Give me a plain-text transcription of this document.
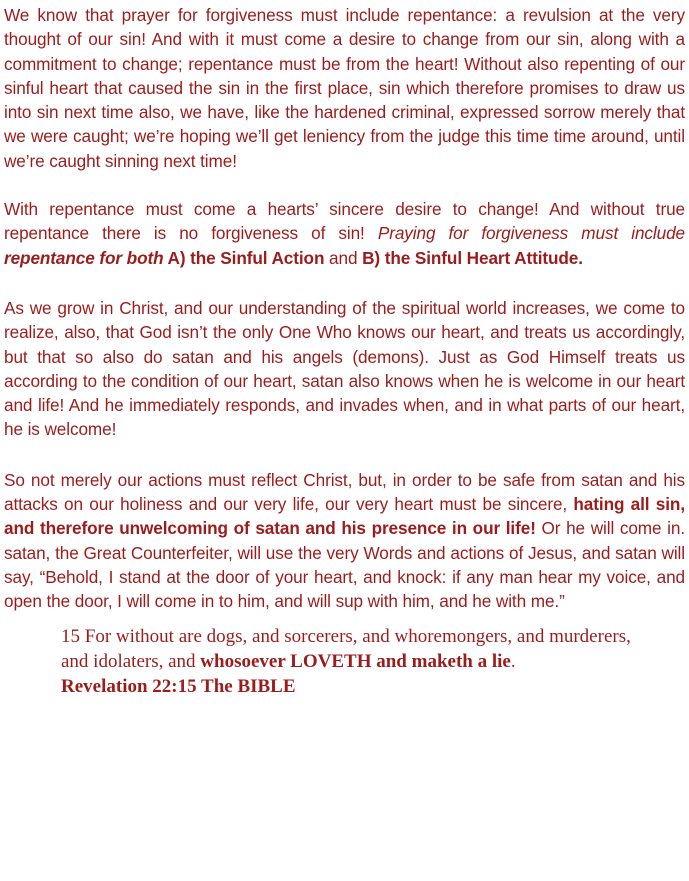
We know that prayer for forgiveness must include repentance: a revulsion at the very thought of our sin! And with it must come a desire to change from our sin, along with a commitment to change; repentance must be from the heart! Without also repenting of our sinful heart that caused the sin in the first place, sin which therefore promises to draw us into sin next time also, we have, like the hardened criminal, expressed sorrow merely that we were caught; we’re hoping we’ll get leniency from the judge this time time around, until we’re caught sinning next time!

With repentance must come a hearts’ sincere desire to change! And without true repentance there is no forgiveness of sin! Praying for forgiveness must include repentance for both A) the Sinful Action and B) the Sinful Heart Attitude.

As we grow in Christ, and our understanding of the spiritual world increases, we come to realize, also, that God isn’t the only One Who knows our heart, and treats us accordingly, but that so also do satan and his angels (demons). Just as God Himself treats us according to the condition of our heart, satan also knows when he is welcome in our heart and life! And he immediately responds, and invades when, and in what parts of our heart, he is welcome!

So not merely our actions must reflect Christ, but, in order to be safe from satan and his attacks on our holiness and our very life, our very heart must be sincere, hating all sin, and therefore unwelcoming of satan and his presence in our life! Or he will come in. satan, the Great Counterfeiter, will use the very Words and actions of Jesus, and satan will say, “Behold, I stand at the door of your heart, and knock: if any man hear my voice, and open the door, I will come in to him, and will sup with him, and he with me.”

15 For without are dogs, and sorcerers, and whoremongers, and murderers, and idolaters, and whosoever LOVETH and maketh a lie.
Revelation 22:15 The BIBLE
